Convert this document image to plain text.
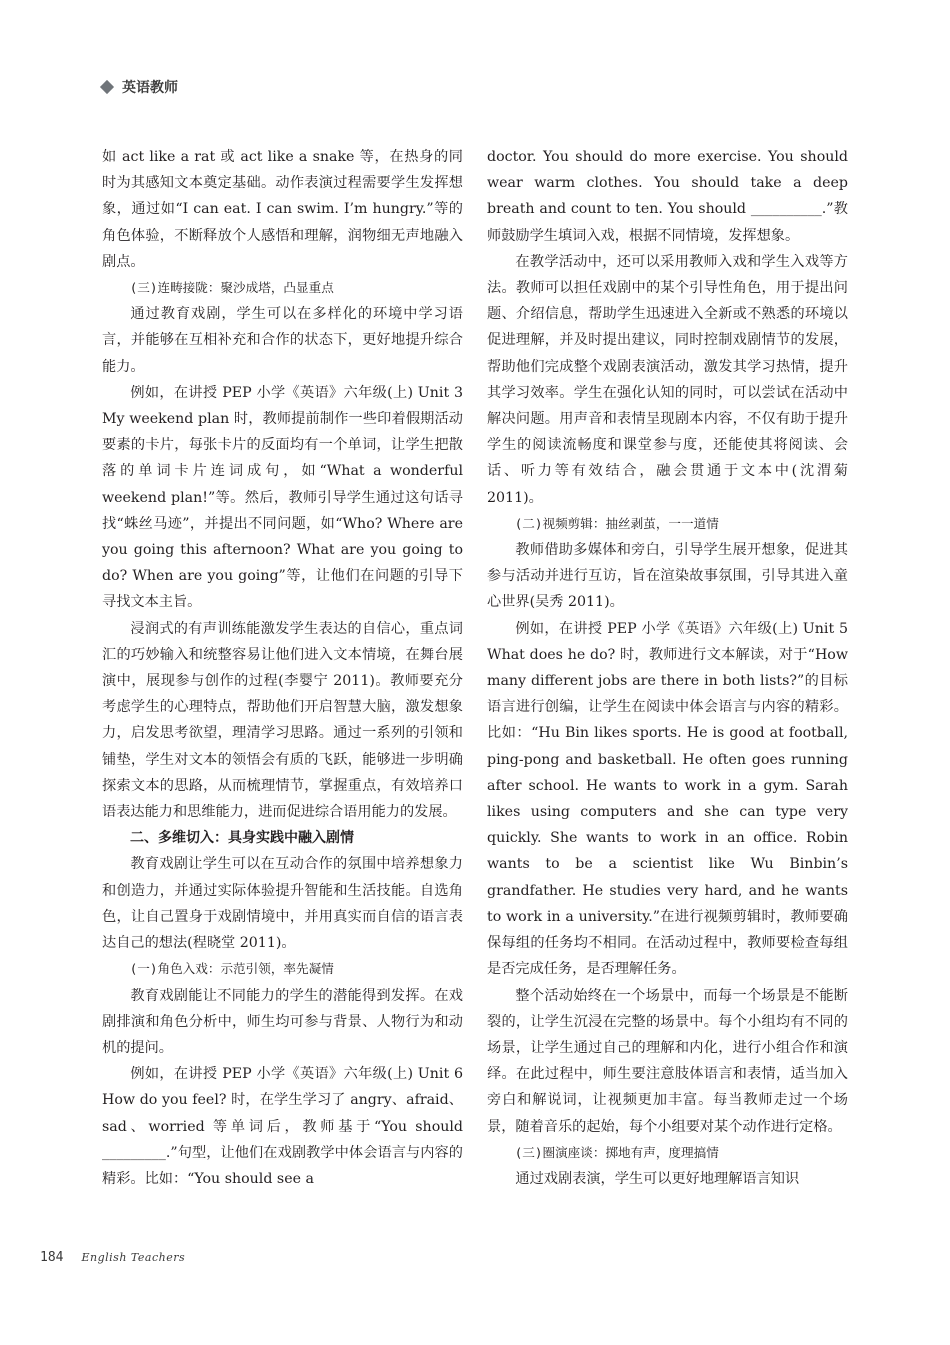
英语教师

如 act like a rat 或 act like a snake 等，在热身的同时为其感知文本奠定基础。动作表演过程需要学生发挥想象，通过如“I can eat. I can swim. I’m hungry.”等的角色体验，不断释放个人感悟和理解，润物细无声地融入剧点。

(三)连畴接陇：聚沙成塔，凸显重点

通过教育戏剧，学生可以在多样化的环境中学习语言，并能够在互相补充和合作的状态下，更好地提升综合能力。

例如，在讲授 PEP 小学《英语》六年级(上) Unit 3 My weekend plan 时，教师提前制作一些印着假期活动要素的卡片，每张卡片的反面均有一个单词，让学生把散落的单词卡片连词成句，如“What a wonderful weekend plan!”等。然后，教师引导学生通过这句话寻找“蛛丝马迹”，并提出不同问题，如“Who? Where are you going this afternoon? What are you going to do? When are you going”等，让他们在问题的引导下寻找文本主旨。

浸润式的有声训练能激发学生表达的自信心，重点词汇的巧妙输入和统整容易让他们进入文本情境，在舞台展演中，展现参与创作的过程(李婴宁 2011)。教师要充分考虑学生的心理特点，帮助他们开启智慧大脑，激发想象力，启发思考欲望，理清学习思路。通过一系列的引领和铺垫，学生对文本的领悟会有质的飞跃，能够进一步明确探索文本的思路，从而梳理情节，掌握重点，有效培养口语表达能力和思维能力，进而促进综合语用能力的发展。

二、多维切入：具身实践中融入剧情

教育戏剧让学生可以在互动合作的氛围中培养想象力和创造力，并通过实际体验提升智能和生活技能。自选角色，让自己置身于戏剧情境中，并用真实而自信的语言表达自己的想法(程晓堂 2011)。

(一)角色入戏：示范引领，率先凝情

教育戏剧能让不同能力的学生的潜能得到发挥。在戏剧排演和角色分析中，师生均可参与背景、人物行为和动机的提问。

例如，在讲授 PEP 小学《英语》六年级(上) Unit 6 How do you feel? 时，在学生学习了 angry、afraid、sad、worried 等单词后，教师基于“You should _________.”句型，让他们在戏剧教学中体会语言与内容的精彩。比如：“You should see a

doctor. You should do more exercise. You should wear warm clothes. You should take a deep breath and count to ten. You should __________.”教师鼓励学生填词入戏，根据不同情境，发挥想象。

在教学活动中，还可以采用教师入戏和学生入戏等方法。教师可以担任戏剧中的某个引导性角色，用于提出问题、介绍信息，帮助学生迅速进入全新或不熟悉的环境以促进理解，并及时提出建议，同时控制戏剧情节的发展，帮助他们完成整个戏剧表演活动，激发其学习热情，提升其学习效率。学生在强化认知的同时，可以尝试在活动中解决问题。用声音和表情呈现剧本内容，不仅有助于提升学生的阅读流畅度和课堂参与度，还能使其将阅读、会话、听力等有效结合，融会贯通于文本中(沈渭菊 2011)。

(二)视频剪辑：抽丝剥茧，一一道情

教师借助多媒体和旁白，引导学生展开想象，促进其参与活动并进行互访，旨在渲染故事氛围，引导其进入童心世界(吴秀 2011)。

例如，在讲授 PEP 小学《英语》六年级(上) Unit 5 What does he do? 时，教师进行文本解读，对于“How many different jobs are there in both lists?”的目标语言进行创编，让学生在阅读中体会语言与内容的精彩。比如：“Hu Bin likes sports. He is good at football, ping-pong and basketball. He often goes running after school. He wants to work in a gym. Sarah likes using computers and she can type very quickly. She wants to work in an office. Robin wants to be a scientist like Wu Binbin’s grandfather. He studies very hard, and he wants to work in a university.”在进行视频剪辑时，教师要确保每组的任务均不相同。在活动过程中，教师要检查每组是否完成任务，是否理解任务。

整个活动始终在一个场景中，而每一个场景是不能断裂的，让学生沉浸在完整的场景中。每个小组均有不同的场景，让学生通过自己的理解和内化，进行小组合作和演绎。在此过程中，师生要注意肢体语言和表情，适当加入旁白和解说词，让视频更加丰富。每当教师走过一个场景，随着音乐的起始，每个小组要对某个动作进行定格。

(三)圈演座谈：掷地有声，度理搞情

通过戏剧表演，学生可以更好地理解语言知识

184 English Teachers
